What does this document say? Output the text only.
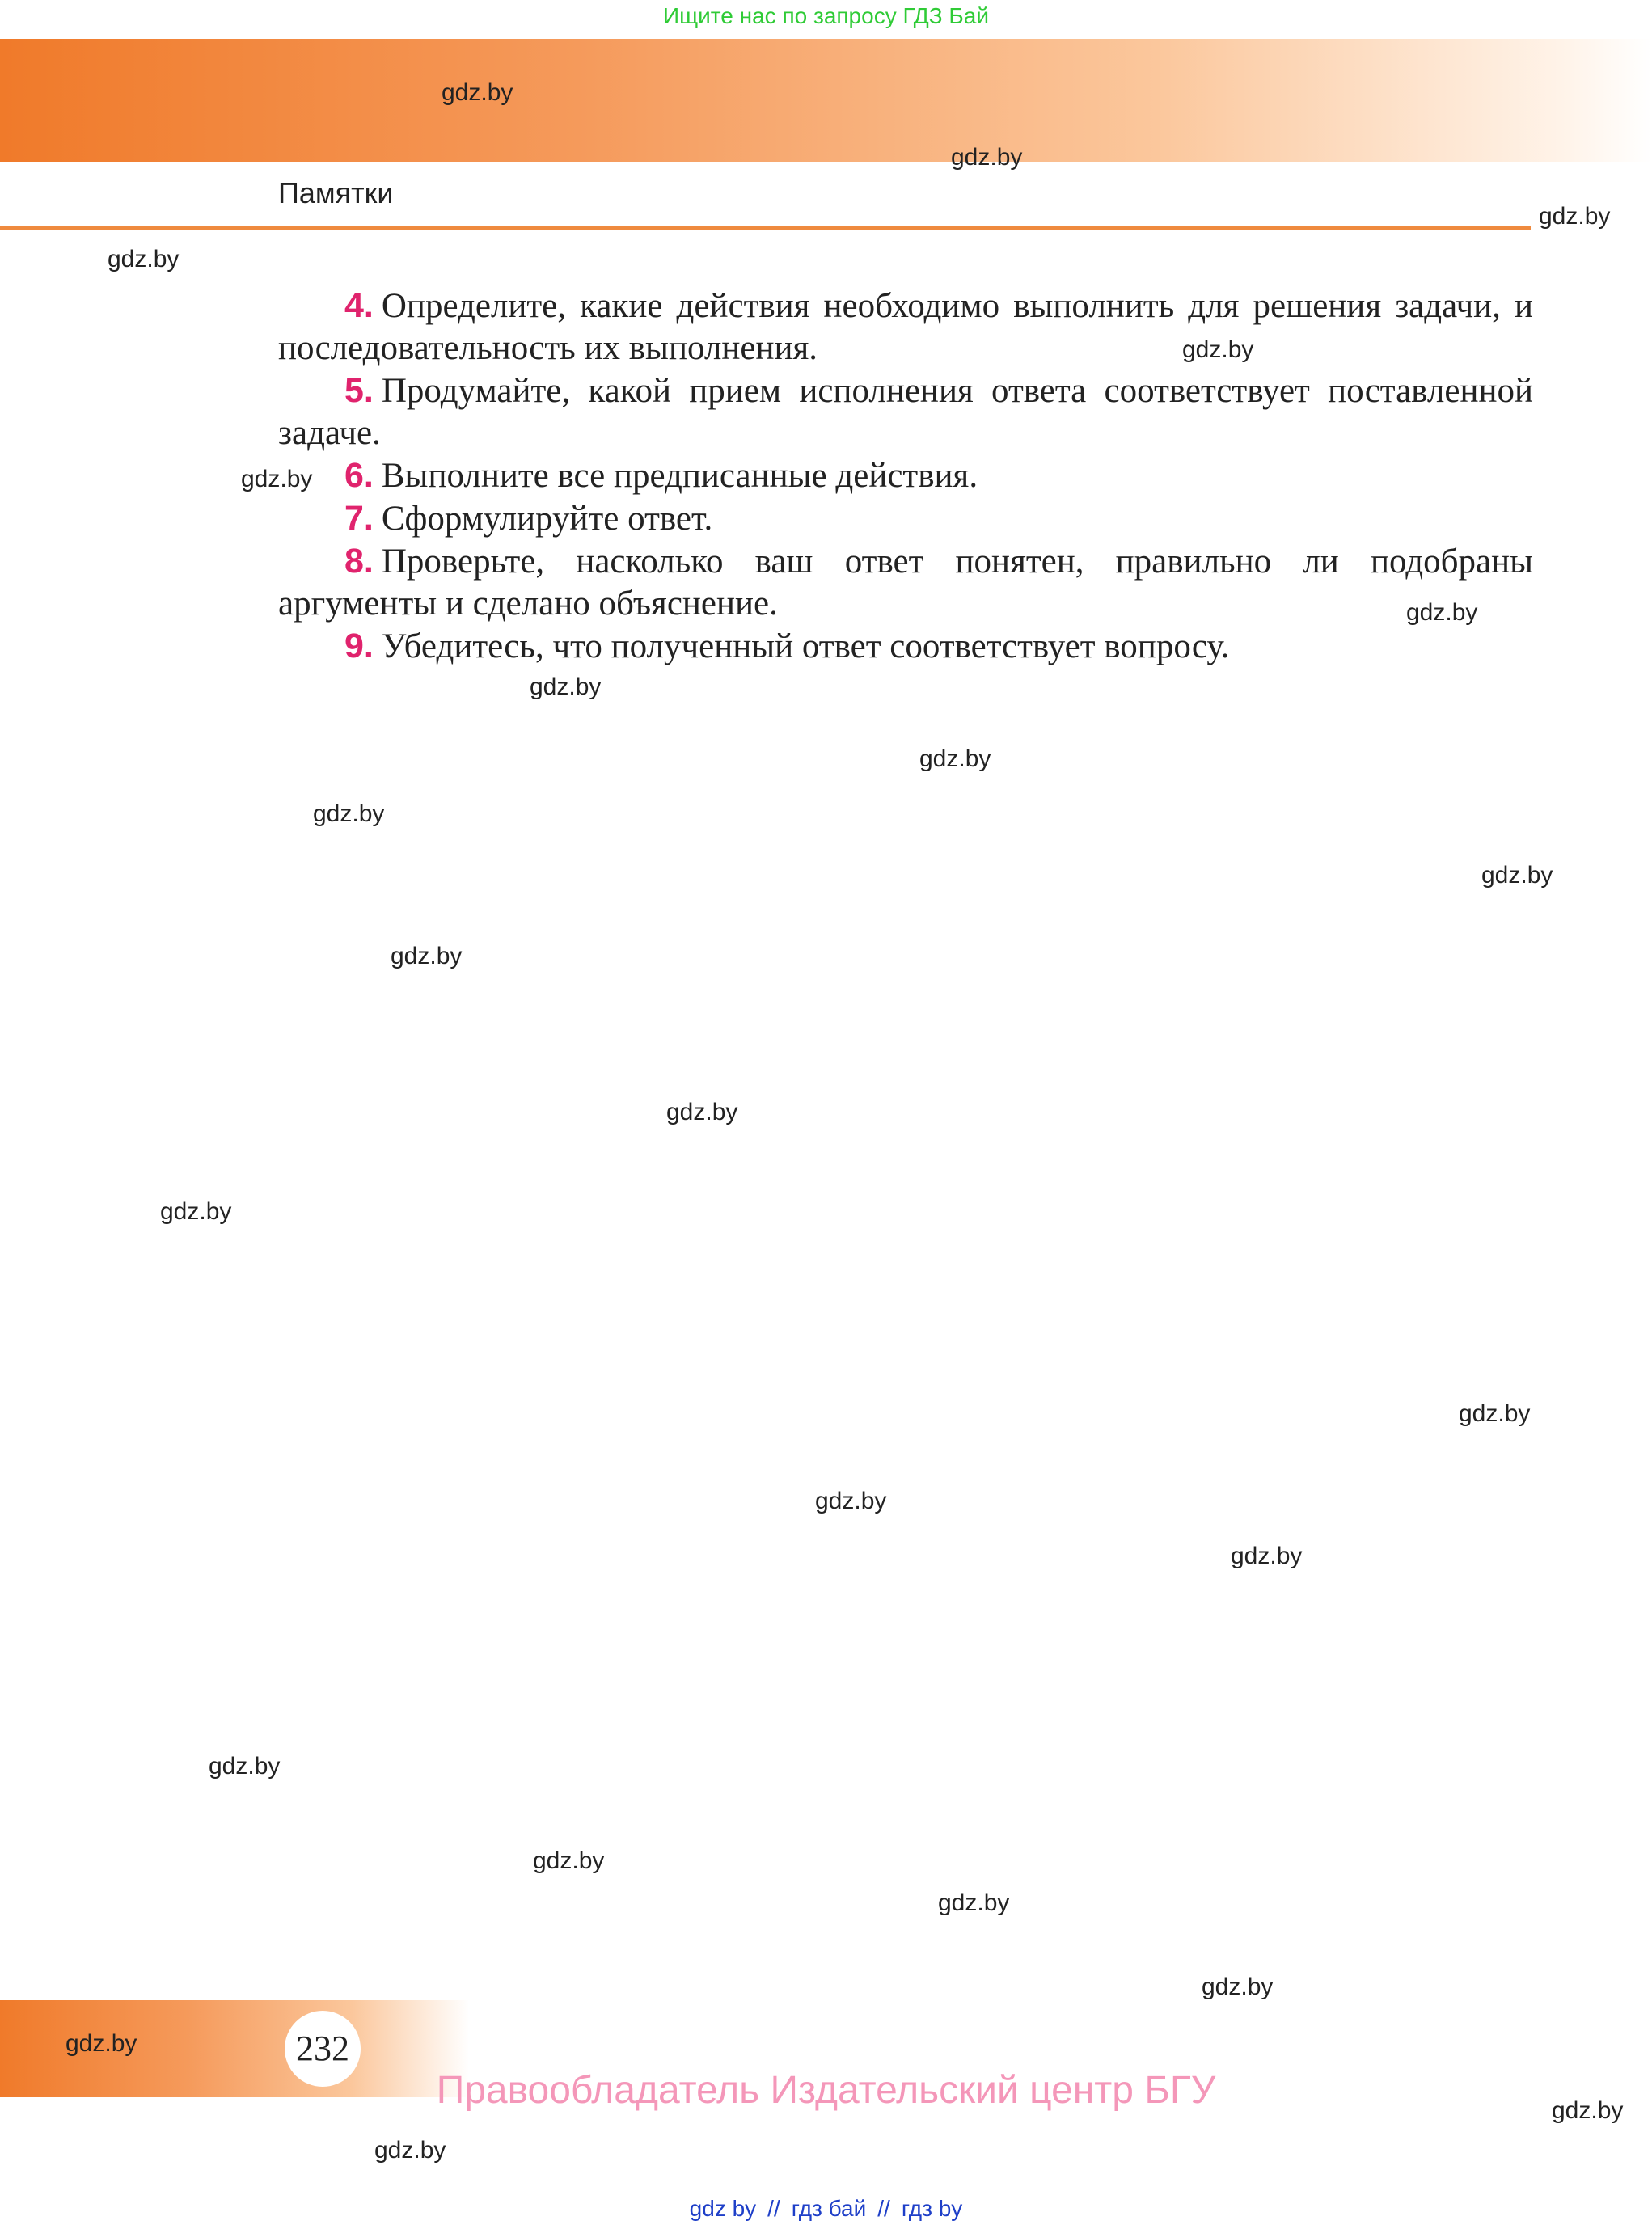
Ищите нас по запросу ГДЗ Бай
Памятки

4. Определите, какие действия необходимо выполнить для решения задачи, и последовательность их выполнения.

5. Продумайте, какой прием исполнения ответа соответствует поставленной задаче.

6. Выполните все предписанные действия.

7. Сформулируйте ответ.

8. Проверьте, насколько ваш ответ понятен, правильно ли подобраны аргументы и сделано объяснение.

9. Убедитесь, что полученный ответ соответствует вопросу.

232
Правообладатель Издательский центр БГУ
gdz by // гдз бай // гдз by
gdz.by
gdz.by
gdz.by
gdz.by
gdz.by
gdz.by
gdz.by
gdz.by
gdz.by
gdz.by
gdz.by
gdz.by
gdz.by
gdz.by
gdz.by
gdz.by
gdz.by
gdz.by
gdz.by
gdz.by
gdz.by
gdz.by
gdz.by
gdz.by
